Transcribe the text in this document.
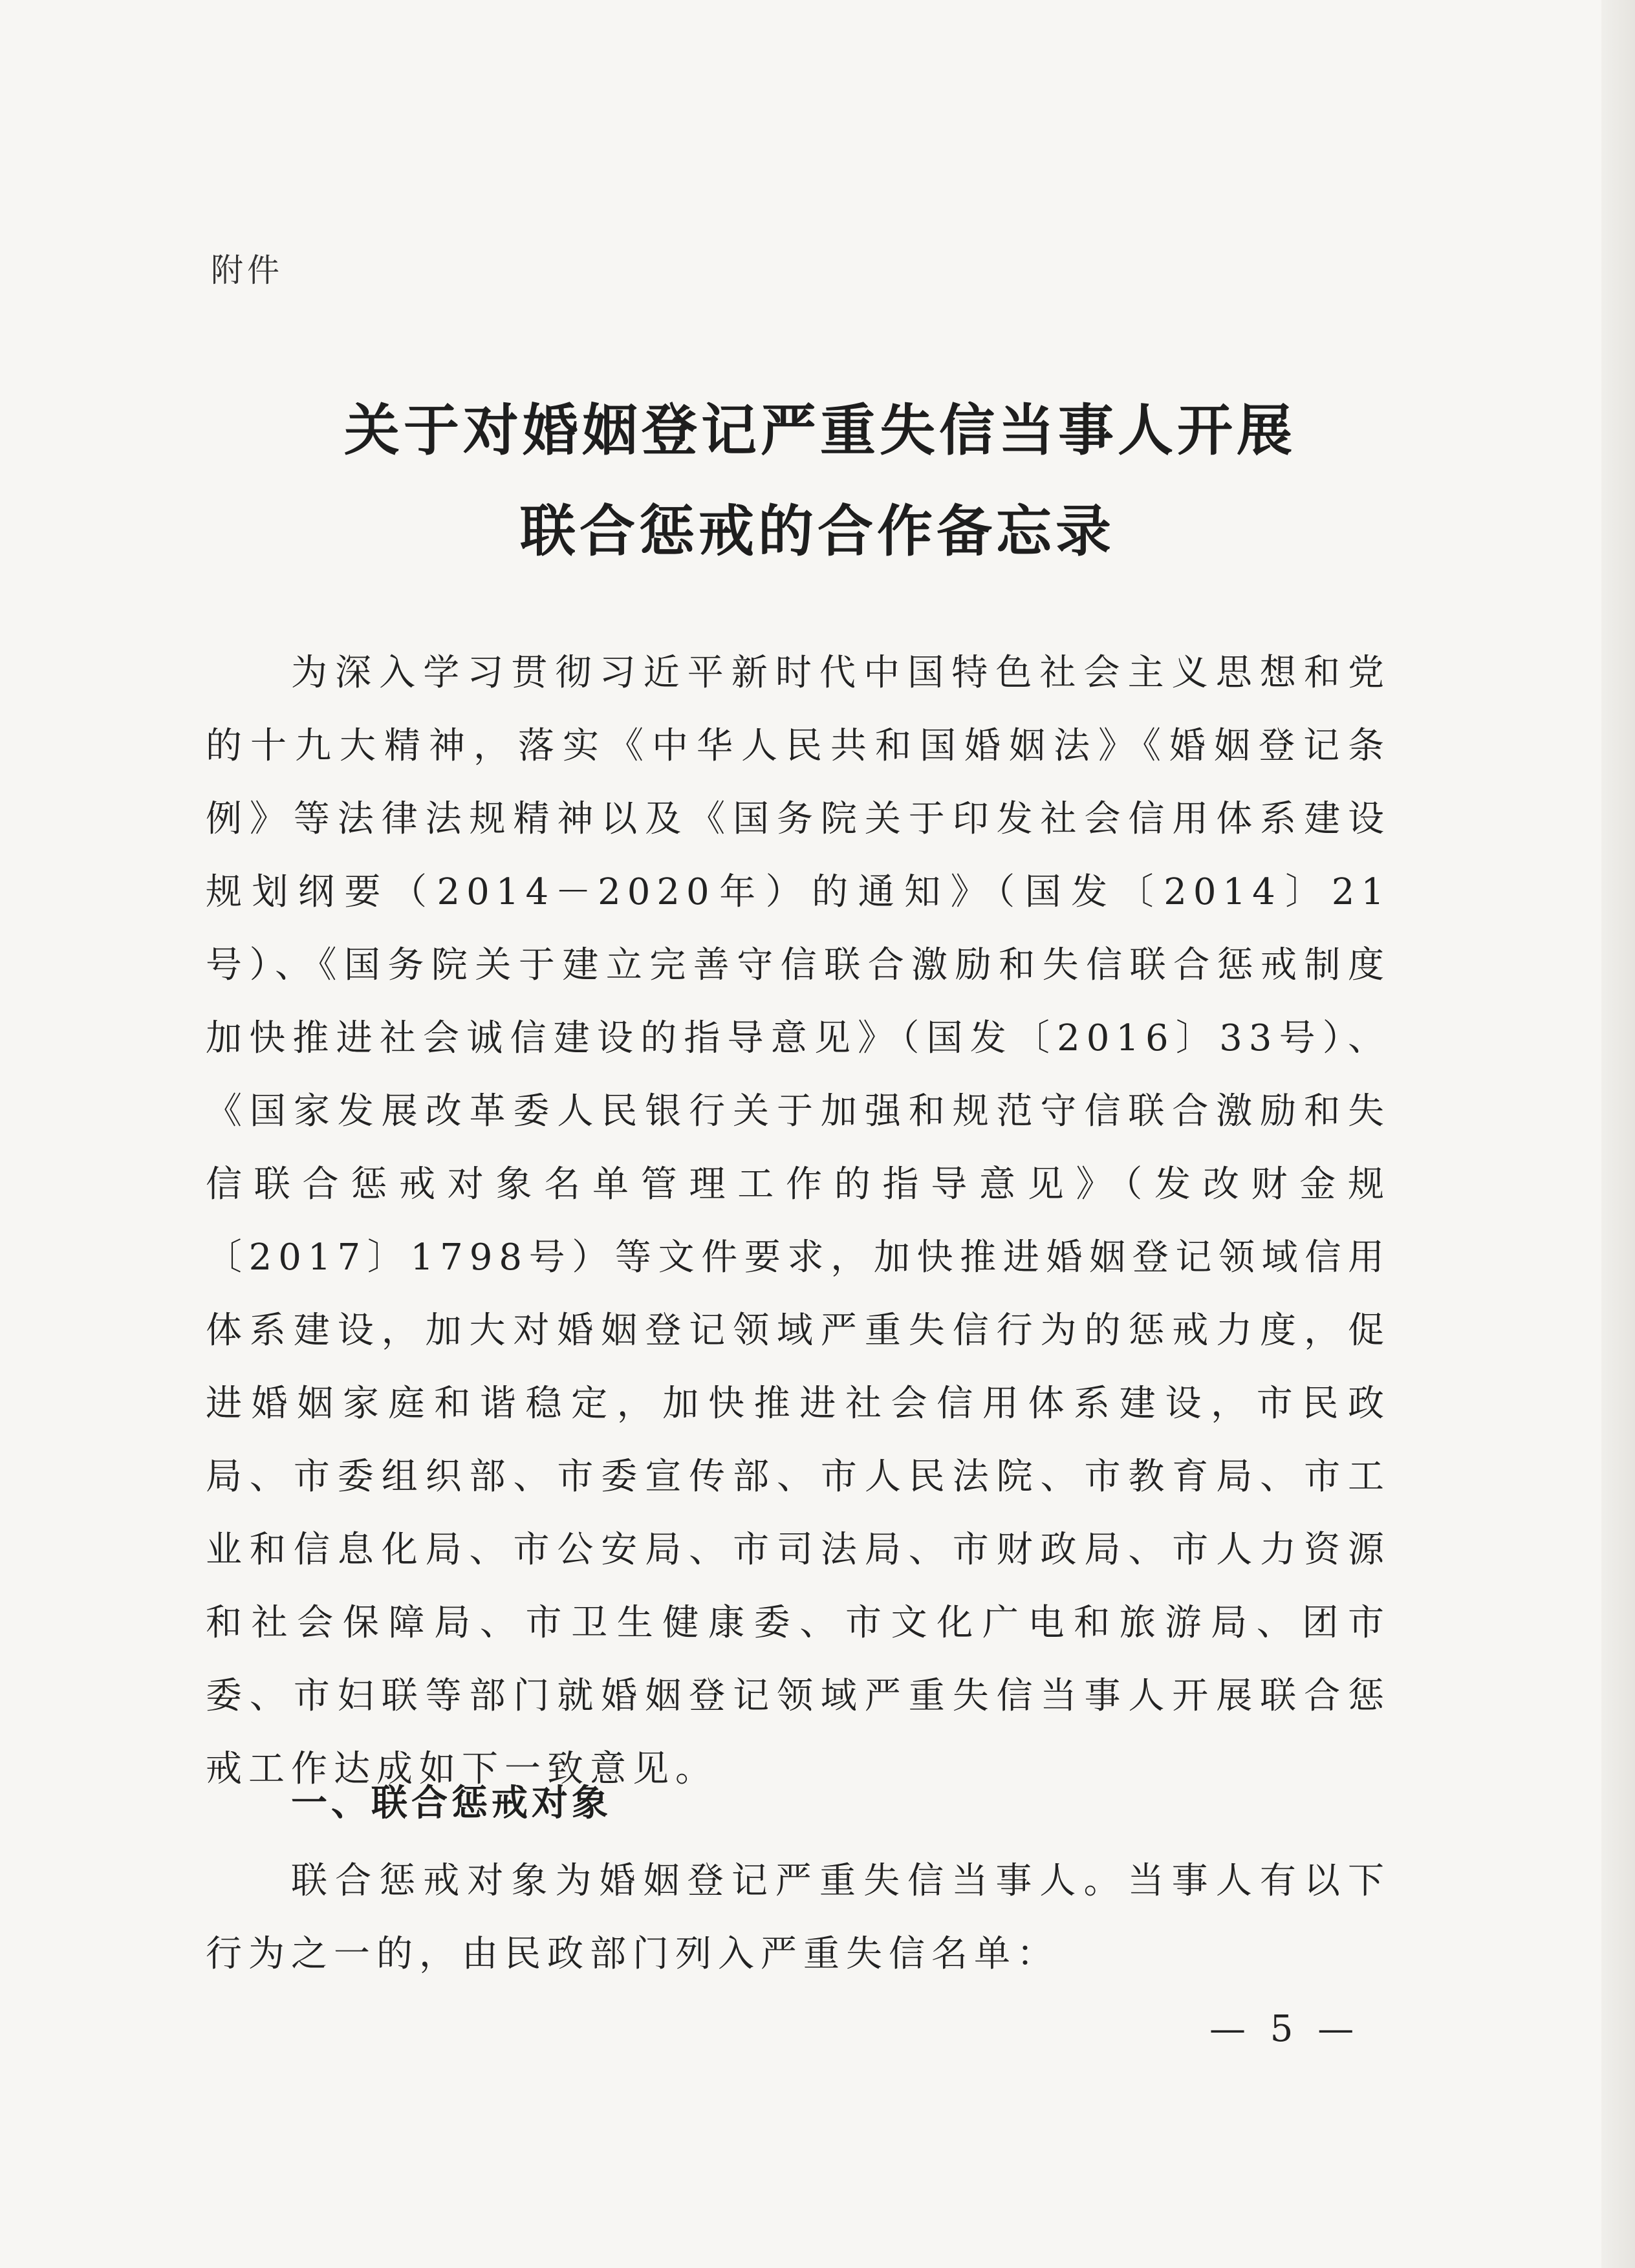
附件
关于对婚姻登记严重失信当事人开展
联合惩戒的合作备忘录

为深入学习贯彻习近平新时代中国特色社会主义思想和党的十九大精神，落实《中华人民共和国婚姻法》《婚姻登记条例》等法律法规精神以及《国务院关于印发社会信用体系建设规划纲要（2014－2020年）的通知》（国发〔2014〕21号）、《国务院关于建立完善守信联合激励和失信联合惩戒制度加快推进社会诚信建设的指导意见》（国发〔2016〕33号）、《国家发展改革委人民银行关于加强和规范守信联合激励和失信联合惩戒对象名单管理工作的指导意见》（发改财金规〔2017〕1798号）等文件要求，加快推进婚姻登记领域信用体系建设，加大对婚姻登记领域严重失信行为的惩戒力度，促进婚姻家庭和谐稳定，加快推进社会信用体系建设，市民政局、市委组织部、市委宣传部、市人民法院、市教育局、市工业和信息化局、市公安局、市司法局、市财政局、市人力资源和社会保障局、市卫生健康委、市文化广电和旅游局、团市委、市妇联等部门就婚姻登记领域严重失信当事人开展联合惩戒工作达成如下一致意见。

一、联合惩戒对象

联合惩戒对象为婚姻登记严重失信当事人。当事人有以下行为之一的，由民政部门列入严重失信名单：

— 5 —
